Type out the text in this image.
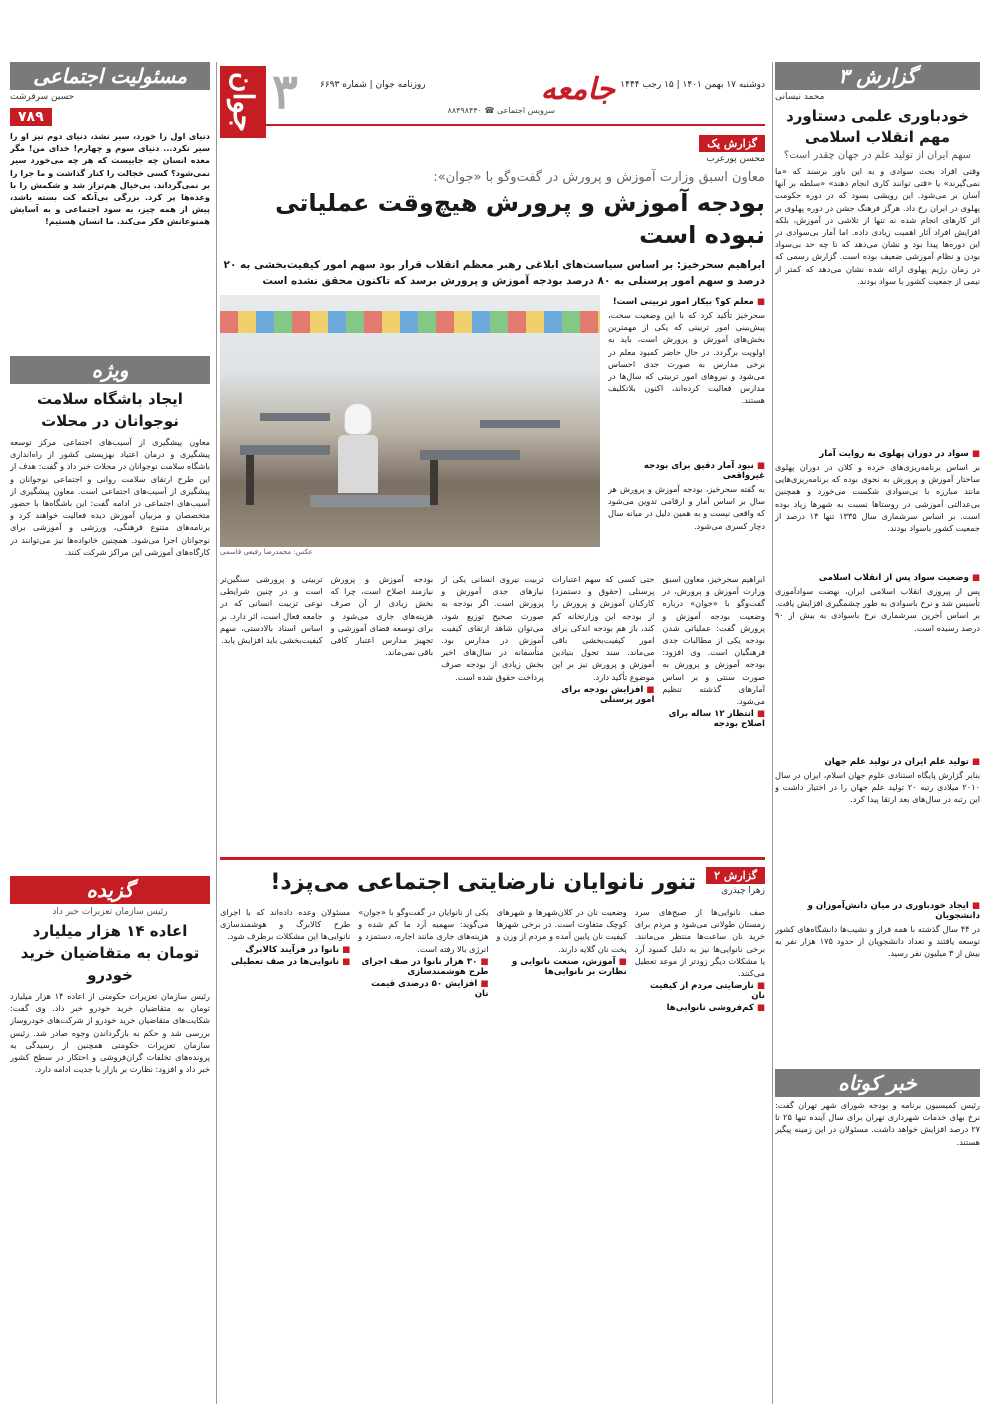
جوان ۳	جامعه دوشنبه ۱۷ بهمن ۱۴۰۱ | ۱۵ رجب ۱۴۴۴
روزنامه جوان | شماره ۶۶۹۳
سرویس اجتماعی ☎ ۸۸۴۹۸۴۴۰
گزارش ۳
محمد نیسانی
خودباوری علمی دستاورد مهم انقلاب اسلامی
سهم ایران از تولید علم در جهان چقدر است؟
وقتی افراد بحث سوادی و به این باور برسند که «ما نمی‌گیرند» یا «قتی توانند کاری انجام دهند» «سلطه بر آنها آسان بر می‌شود. این رویشی بسود که در دوره حکومت پهلوی در ایران رخ داد. هرگز فرهنگ جشن در دوره پهلوی بر اثر کارهای انجام شده نه تنها از تلاشی در آموزش، بلکه افزایش افراد آثار اهمیت زیادی داده. اما آمار بی‌سوادی در این دوره‌ها پیدا بود و نشان می‌دهد که تا چه حد بی‌سواد بودن و نظام آموزشی ضعیف بوده است. گزارش رسمی که در زمان رژیم پهلوی ارائه شده نشان می‌دهد که کمتر از نیمی از جمعیت کشور با سواد بودند.
■ سواد در دوران پهلوی به روایت آمار
بر اساس برنامه‌ریزی‌های خرده و کلان در دوران پهلوی ساختار آموزش و پرورش به نحوی بوده که برنامه‌ریزی‌هایی مانند مبارزه با بی‌سوادی شکست می‌خورد و همچنین بی‌عدالتی آموزشی در روستاها نسبت به شهرها زیاد بوده است. بر اساس سرشماری سال ۱۳۳۵ تنها ۱۴ درصد از جمعیت کشور باسواد بودند.
■ وضعیت سواد پس از انقلاب اسلامی
پس از پیروزی انقلاب اسلامی ایران، نهضت سوادآموزی تأسیس شد و نرخ باسوادی به طور چشمگیری افزایش یافت. بر اساس آخرین سرشماری نرخ باسوادی به بیش از ۹۰ درصد رسیده است.
■ تولید علم ایران در تولید علم جهان
بنابر گزارش پایگاه استنادی علوم جهان اسلام، ایران در سال ۲۰۱۰ میلادی رتبه ۲۰ تولید علم جهان را در اختیار داشت و این رتبه در سال‌های بعد ارتقا پیدا کرد.
■ ایجاد خودباوری در میان دانش‌آموزان و دانشجویان
در ۴۴ سال گذشته با همه فراز و نشیب‌ها دانشگاه‌های کشور توسعه یافتند و تعداد دانشجویان از حدود ۱۷۵ هزار نفر به بیش از ۳ میلیون نفر رسید.
خبر کوتاه
رئیس کمیسیون برنامه و بودجه شورای شهر تهران گفت: نرخ بهای خدمات شهرداری تهران برای سال آینده تنها ۲۵ تا ۲۷ درصد افزایش خواهد داشت. مسئولان در این زمینه پیگیر هستند.
گزارش یک
محسن پورعرب
معاون اسبق وزارت آموزش و پرورش در گفت‌وگو با «جوان»:
بودجه آموزش و پرورش هیچ‌وقت عملیاتی نبوده است
ابراهیم سحرخیز: بر اساس سیاست‌های ابلاغی رهبر معظم انقلاب قرار بود سهم امور کیفیت‌بخشی به ۲۰ درصد و سهم امور پرسنلی به ۸۰ درصد بودجه آموزش و پرورش برسد که تاکنون محقق نشده است
عکس: محمدرضا رفیعی قاسمی
■ معلم کو؟ بیکار امور تربیتی است!
سحرخیز تأکید کرد که با این وضعیت سخت، پیش‌بینی امور تربیتی که یکی از مهمترین بخش‌های آموزش و پرورش است، باید به اولویت برگردد. در حال حاضر کمبود معلم در برخی مدارس به صورت جدی احساس می‌شود و نیروهای امور تربیتی که سال‌ها در مدارس فعالیت کرده‌اند، اکنون بلاتکلیف هستند.
■ نبود آمار دقیق برای بودجه غیرواقعی
به گفته سحرخیز، بودجه آموزش و پرورش هر سال بر اساس آمار و ارقامی تدوین می‌شود که واقعی نیست و به همین دلیل در میانه سال دچار کسری می‌شود.
ابراهیم سحرخیز، معاون اسبق وزارت آموزش و پرورش، در گفت‌وگو با «جوان» درباره وضعیت بودجه آموزش و پرورش گفت: عملیاتی شدن بودجه یکی از مطالبات جدی فرهنگیان است. وی افزود: بودجه آموزش و پرورش به صورت سنتی و بر اساس آمارهای گذشته تنظیم می‌شود.
■ انتظار ۱۲ ساله برای اصلاح بودجه
حتی کسی که سهم اعتبارات پرسنلی (حقوق و دستمزد) کارکنان آموزش و پرورش را از بودجه این وزارتخانه کم کند، باز هم بودجه اندکی برای امور کیفیت‌بخشی باقی می‌ماند. سند تحول بنیادین آموزش و پرورش نیز بر این موضوع تأکید دارد.
■ افزایش بودجه برای امور پرسنلی
تربیت نیروی انسانی یکی از نیازهای جدی آموزش و پرورش است. اگر بودجه به صورت صحیح توزیع شود، می‌توان شاهد ارتقای کیفیت آموزش در مدارس بود. متأسفانه در سال‌های اخیر بخش زیادی از بودجه صرف پرداخت حقوق شده است.
بودجه آموزش و پرورش نیازمند اصلاح است، چرا که بخش زیادی از آن صرف هزینه‌های جاری می‌شود و برای توسعه فضای آموزشی و تجهیز مدارس اعتبار کافی باقی نمی‌ماند.
تربیتی و پرورشی سنگین‌تر است و در چنین شرایطی نوعی تربیت انسانی که در جامعه فعال است، اثر دارد. بر اساس اسناد بالادستی، سهم کیفیت‌بخشی باید افزایش یابد.
گزارش ۲
زهرا چیذری
تنور نانوایان نارضایتی اجتماعی می‌پزد!
صف نانوایی‌ها از صبح‌های سرد زمستان طولانی می‌شود و مردم برای خرید نان ساعت‌ها منتظر می‌مانند. برخی نانوایی‌ها نیز به دلیل کمبود آرد یا مشکلات دیگر زودتر از موعد تعطیل می‌کنند.
■ نارضایتی مردم از کیفیت نان
■ کم‌فروشی نانوایی‌ها
وضعیت نان در کلان‌شهرها و شهرهای کوچک متفاوت است. در برخی شهرها کیفیت نان پایین آمده و مردم از وزن و پخت نان گلایه دارند.
■ آموزش، صنعت نانوایی و نظارت بر نانوایی‌ها
یکی از نانوایان در گفت‌وگو با «جوان» می‌گوید: سهمیه آرد ما کم شده و هزینه‌های جاری مانند اجاره، دستمزد و انرژی بالا رفته است.
■ ۳۰ هزار نانوا در صف اجرای طرح هوشمندسازی
■ افزایش ۵۰ درصدی قیمت نان
مسئولان وعده داده‌اند که با اجرای طرح کالابرگ و هوشمندسازی نانوایی‌ها این مشکلات برطرف شود.
■ نانوا در فرآیند کالابرگ
■ نانوایی‌ها در صف تعطیلی
مسئولیت اجتماعی
حسین سرفرشت
۷۸۹
دنیای اول را خورد، سیر نشد، دنیای دوم نیز او را سیر نکرد... دنیای سوم و چهارم! خدای من! مگر معده انسان چه جاییست که هر چه می‌خورد سیر نمی‌شود؟ کسی خجالت را کنار گذاشت و ما جرا را بر نمی‌گرداند. بی‌خیال هم‌تراز شد و شکمش را با وعده‌ها پر کرد. بزرگی بی‌آنکه کت بسته باشد، پیش از همه چیز، به سود اجتماعی و به آسایش همنوعانش فکر می‌کند. ما انسان هستیم!
ویژه
ایجاد باشگاه سلامت نوجوانان در محلات
معاون پیشگیری از آسیب‌های اجتماعی مرکز توسعه پیشگیری و درمان اعتیاد بهزیستی کشور از راه‌اندازی باشگاه سلامت نوجوانان در محلات خبر داد و گفت: هدف از این طرح ارتقای سلامت روانی و اجتماعی نوجوانان و پیشگیری از آسیب‌های اجتماعی است. معاون پیشگیری از آسیب‌های اجتماعی در ادامه گفت: این باشگاه‌ها با حضور متخصصان و مربیان آموزش دیده فعالیت خواهند کرد و برنامه‌های متنوع فرهنگی، ورزشی و آموزشی برای نوجوانان اجرا می‌شود. همچنین خانواده‌ها نیز می‌توانند در کارگاه‌های آموزشی این مراکز شرکت کنند.
گزیده
رئیس سازمان تعزیرات خبر داد
اعاده ۱۴ هزار میلیارد تومان به متقاضیان خرید خودرو
رئیس سازمان تعزیرات حکومتی از اعاده ۱۴ هزار میلیارد تومان به متقاضیان خرید خودرو خبر داد. وی گفت: شکایت‌های متقاضیان خرید خودرو از شرکت‌های خودروساز بررسی شد و حکم به بازگرداندن وجوه صادر شد. رئیس سازمان تعزیرات حکومتی همچنین از رسیدگی به پرونده‌های تخلفات گران‌فروشی و احتکار در سطح کشور خبر داد و افزود: نظارت بر بازار با جدیت ادامه دارد.
